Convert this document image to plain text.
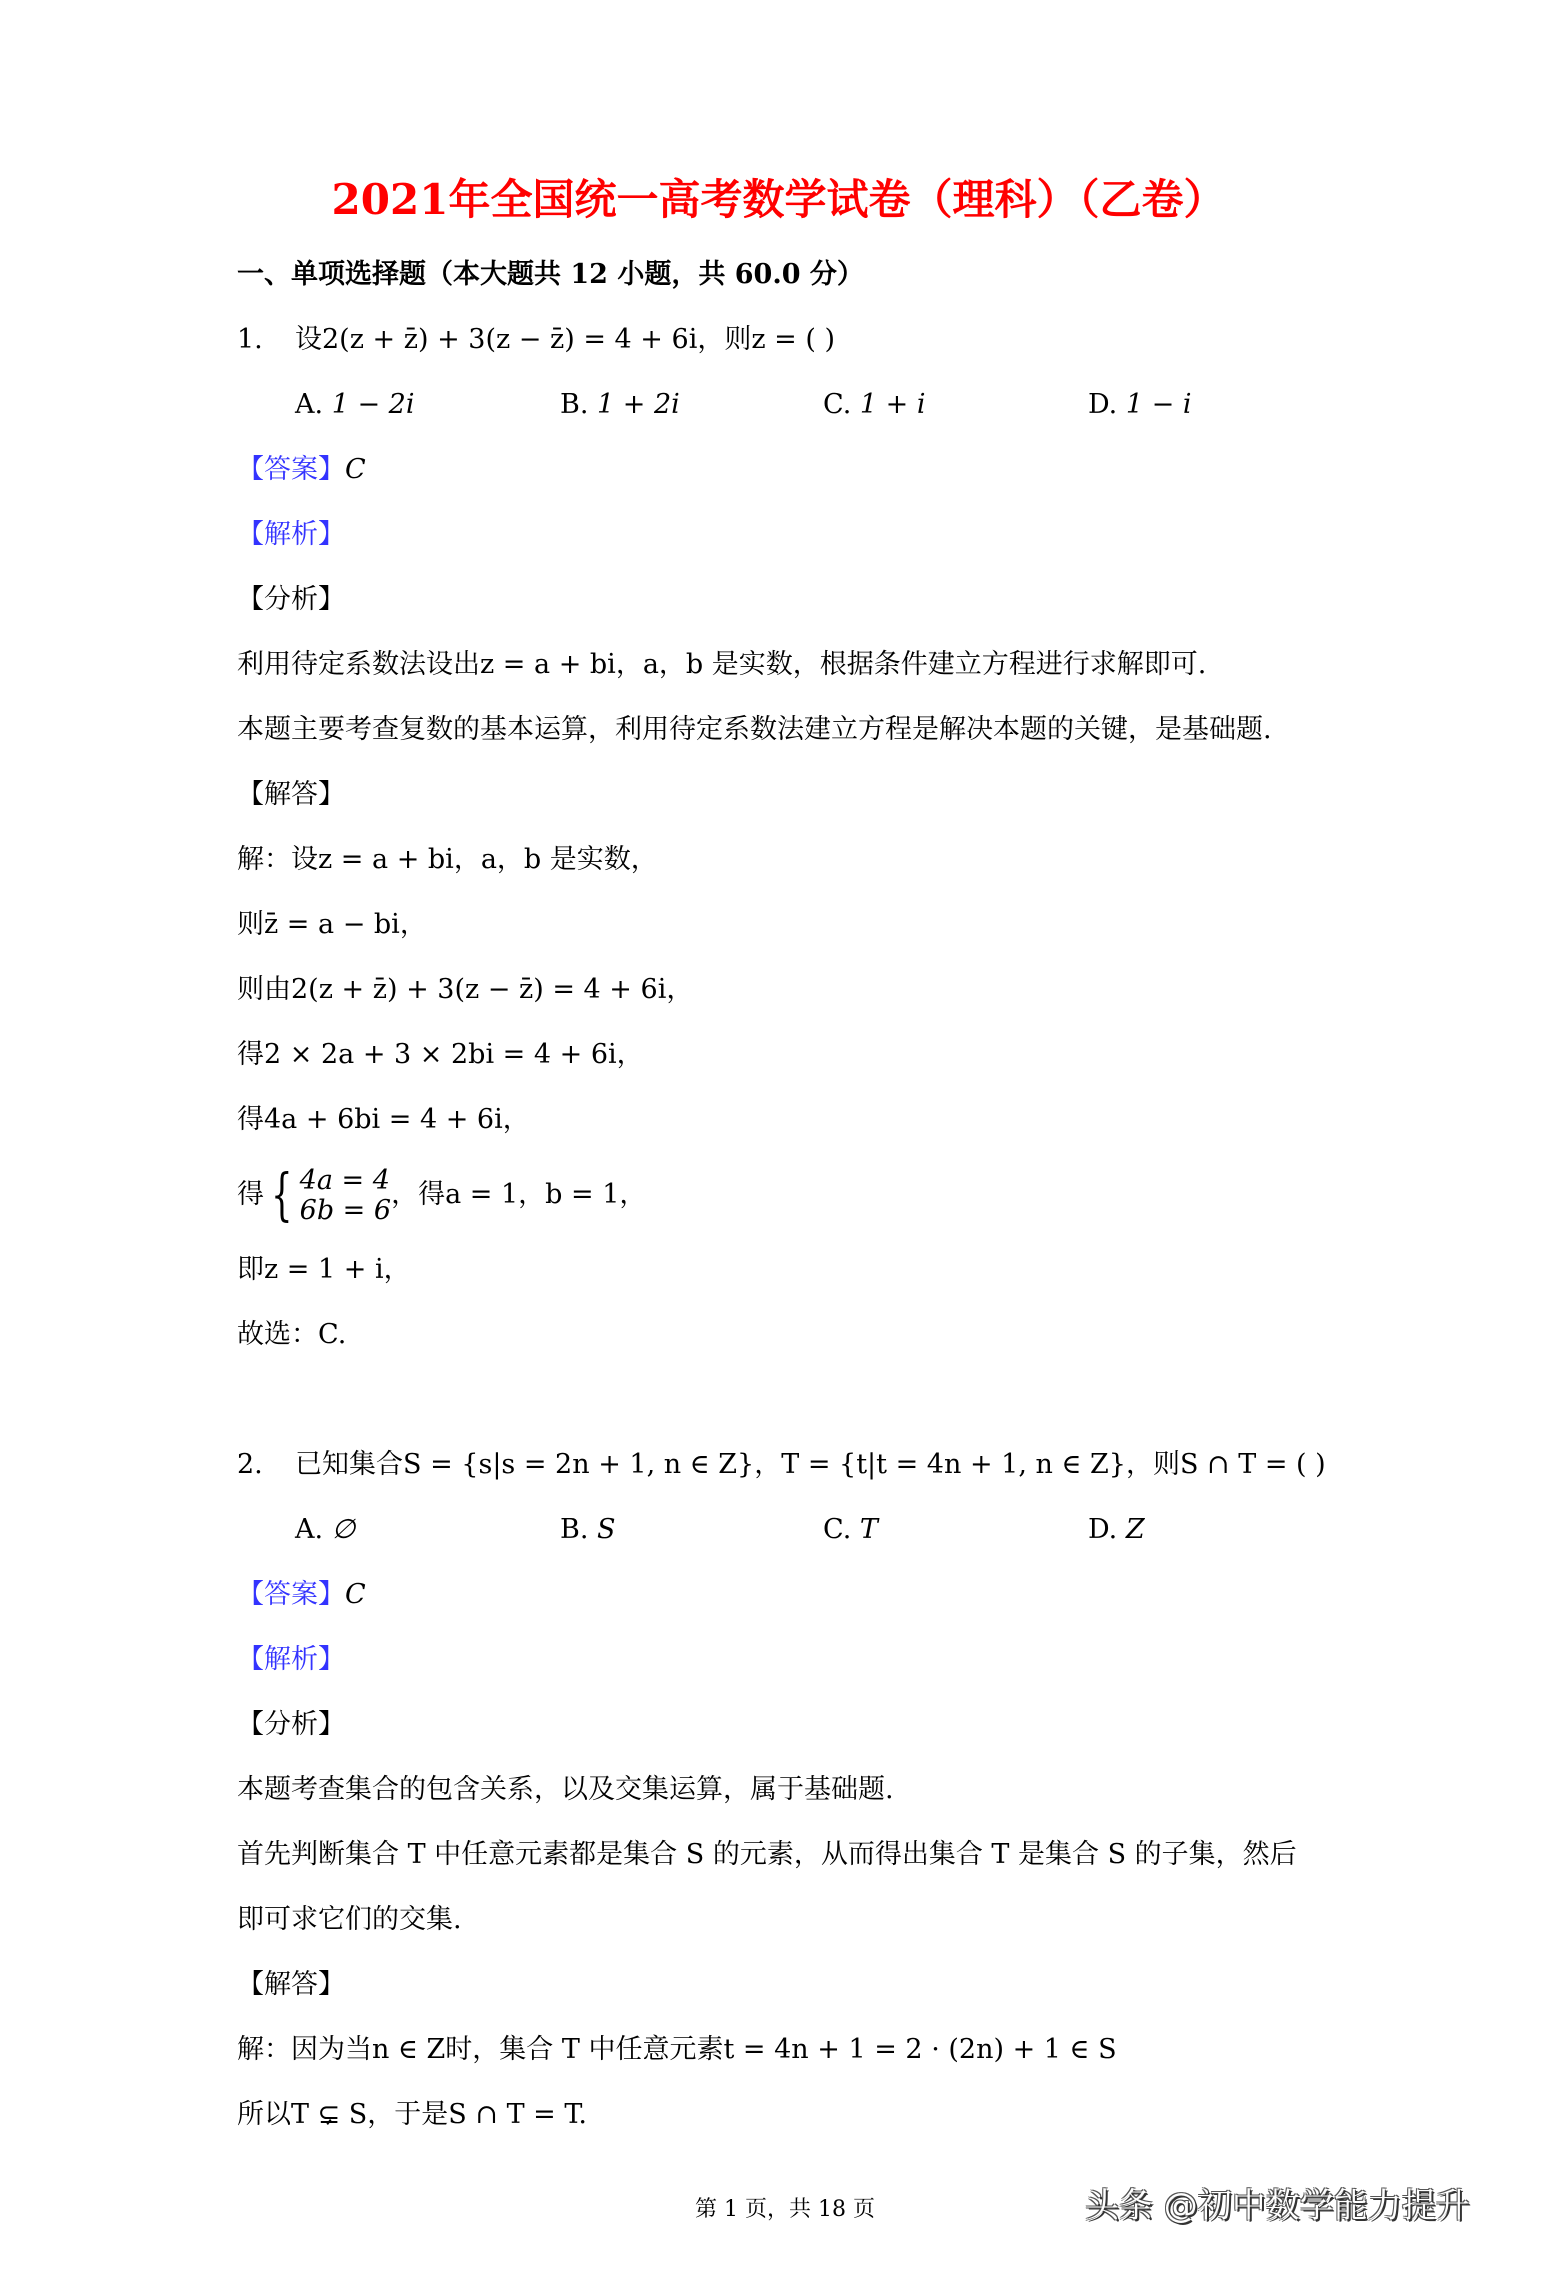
2021年全国统一高考数学试卷（理科）（乙卷）
一、单项选择题（本大题共 12 小题，共 60.0 分）
1. 设2(z + z̄) + 3(z − z̄) = 4 + 6i，则z = ( )
A. 1 − 2i	B. 1 + 2i	C. 1 + i	D. 1 − i
【答案】C
【解析】
【分析】
利用待定系数法设出z = a + bi，a，b 是实数，根据条件建立方程进行求解即可.
本题主要考查复数的基本运算，利用待定系数法建立方程是解决本题的关键，是基础题.
【解答】
解：设z = a + bi，a，b 是实数，
则z̄ = a − bi，
则由2(z + z̄) + 3(z − z̄) = 4 + 6i，
得2 × 2a + 3 × 2bi = 4 + 6i，
得4a + 6bi = 4 + 6i，
得 { 4a = 4
6b = 6 ，得a = 1，b = 1，
即z = 1 + i，
故选：C.
2. 已知集合S = {s|s = 2n + 1, n ∈ Z}，T = {t|t = 4n + 1, n ∈ Z}，则S ∩ T = ( )
A. ∅	B. S	C. T	D. Z
【答案】C
【解析】
【分析】
本题考查集合的包含关系，以及交集运算，属于基础题.
首先判断集合 T 中任意元素都是集合 S 的元素，从而得出集合 T 是集合 S 的子集，然后
即可求它们的交集.
【解答】
解：因为当n ∈ Z时，集合 T 中任意元素t = 4n + 1 = 2 · (2n) + 1 ∈ S
所以T ⊊ S，于是S ∩ T = T.
第 1 页，共 18 页	头条 @初中数学能力提升
